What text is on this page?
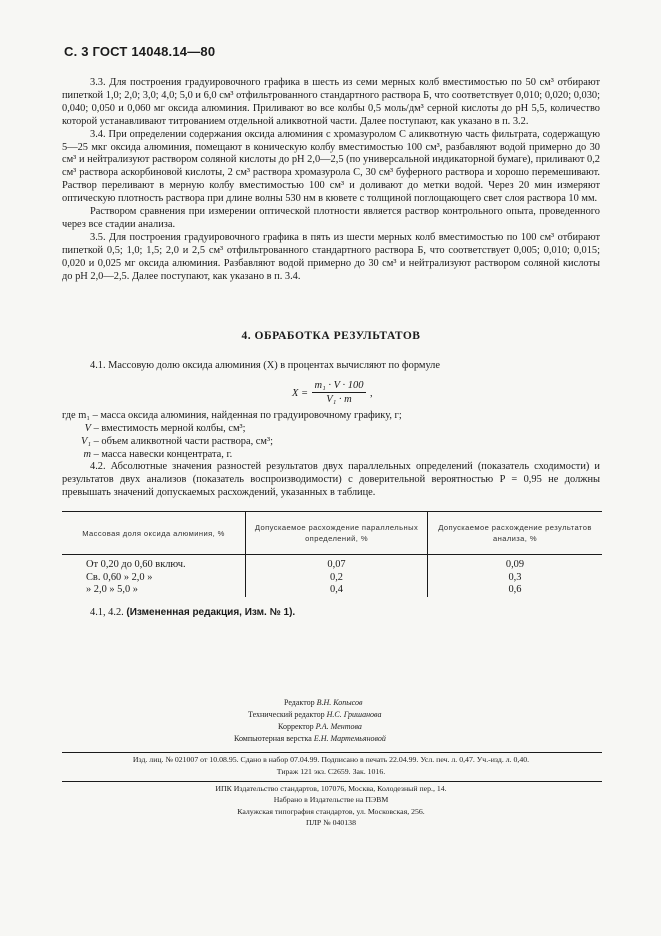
С. 3 ГОСТ 14048.14—80

3.3. Для построения градуировочного графика в шесть из семи мерных колб вместимостью по 50 см³ отбирают пипеткой 1,0; 2,0; 3,0; 4,0; 5,0 и 6,0 см³ отфильтрованного стандартного раствора Б, что соответствует 0,010; 0,020; 0,030; 0,040; 0,050 и 0,060 мг оксида алюминия. Приливают во все колбы 0,5 моль/дм³ серной кислоты до рН 5,5, количество которой устанавливают титрованием отдельной аликвотной части. Далее поступают, как указано в п. 3.2.

3.4. При определении содержания оксида алюминия с хромазуролом С аликвотную часть фильтрата, содержащую 5—25 мкг оксида алюминия, помещают в коническую колбу вместимостью 100 см³, разбавляют водой примерно до 30 см³ и нейтрализуют раствором соляной кислоты до рН 2,0—2,5 (по универсальной индикаторной бумаге), приливают 0,2 см³ раствора аскорбиновой кислоты, 2 см³ раствора хромазурола С, 30 см³ буферного раствора и хорошо перемешивают. Раствор переливают в мерную колбу вместимостью 100 см³ и доливают до метки водой. Через 20 мин измеряют оптическую плотность раствора при длине волны 530 нм в кювете с толщиной поглощающего свет слоя раствора 10 мм.

Раствором сравнения при измерении оптической плотности является раствор контрольного опыта, проведенного через все стадии анализа.

3.5. Для построения градуировочного графика в пять из шести мерных колб вместимостью по 100 см³ отбирают пипеткой 0,5; 1,0; 1,5; 2,0 и 2,5 см³ отфильтрованного стандартного раствора Б, что соответствует 0,005; 0,010; 0,015; 0,020 и 0,025 мг оксида алюминия. Разбавляют водой примерно до 30 см³ и нейтрализуют раствором соляной кислоты до рН 2,0—2,5. Далее поступают, как указано в п. 3.4.

4. ОБРАБОТКА РЕЗУЛЬТАТОВ
4.1. Массовую долю оксида алюминия (X) в процентах вычисляют по формуле
$X = \frac{\text{m₁ · V · 100}}{\text{V₁ · m}}$ ,
где m₁ – масса оксида алюминия, найденная по градуировочному графику, г;
V – вместимость мерной колбы, см³;
V₁ – объем аликвотной части раствора, см³;
m – масса навески концентрата, г.

4.2. Абсолютные значения разностей результатов двух параллельных определений (показатель сходимости) и результатов двух анализов (показатель воспроизводимости) с доверительной вероятностью P = 0,95 не должны превышать значений допускаемых расхождений, указанных в таблице.

Массовая доля оксида алюминия, %	Допускаемое расхождение параллельных определений, %	Допускаемое расхождение результатов анализа, %
От 0,20 до 0,60 включ.	0,07	0,09
Св. 0,60 » 2,0 »	0,2	0,3
» 2,0 » 5,0 »	0,4	0,6
4.1, 4.2. (Измененная редакция, Изм. № 1).
Редактор В.Н. Копысов
Технический редактор Н.С. Гришанова
Корректор Р.А. Ментова
Компьютерная верстка Е.Н. Мартемьяновой
Изд. лиц. № 021007 от 10.08.95. Сдано в набор 07.04.99. Подписано в печать 22.04.99. Усл. печ. л. 0,47. Уч.-изд. л. 0,40.
Тираж 121 экз. С2659. Зак. 1016.
ИПК Издательство стандартов, 107076, Москва, Колодезный пер., 14.
Набрано в Издательстве на ПЭВМ
Калужская типография стандартов, ул. Московская, 256.
ПЛР № 040138
